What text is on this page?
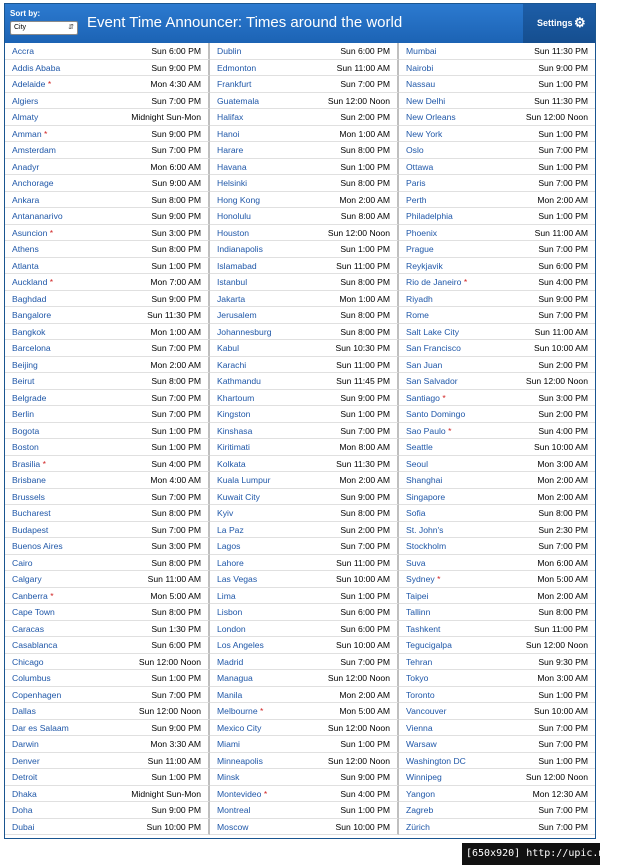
Sort by:
City	⇵ Event Time Announcer: Times around the world	Settings ⚙
Accra	Sun 6:00 PM Dublin	Sun 6:00 PM Mumbai	Sun 11:30 PM
Addis Ababa	Sun 9:00 PM Edmonton	Sun 11:00 AM Nairobi	Sun 9:00 PM
Adelaide *	Mon 4:30 AM Frankfurt	Sun 7:00 PM Nassau	Sun 1:00 PM
Algiers	Sun 7:00 PM Guatemala	Sun 12:00 Noon New Delhi	Sun 11:30 PM
Almaty	Midnight Sun-Mon Halifax	Sun 2:00 PM New Orleans	Sun 12:00 Noon
Amman *	Sun 9:00 PM Hanoi	Mon 1:00 AM New York	Sun 1:00 PM
Amsterdam	Sun 7:00 PM Harare	Sun 8:00 PM Oslo	Sun 7:00 PM
Anadyr	Mon 6:00 AM Havana	Sun 1:00 PM Ottawa	Sun 1:00 PM
Anchorage	Sun 9:00 AM Helsinki	Sun 8:00 PM Paris	Sun 7:00 PM
Ankara	Sun 8:00 PM Hong Kong	Mon 2:00 AM Perth	Mon 2:00 AM
Antananarivo	Sun 9:00 PM Honolulu	Sun 8:00 AM Philadelphia	Sun 1:00 PM
Asuncion *	Sun 3:00 PM Houston	Sun 12:00 Noon Phoenix	Sun 11:00 AM
Athens	Sun 8:00 PM Indianapolis	Sun 1:00 PM Prague	Sun 7:00 PM
Atlanta	Sun 1:00 PM Islamabad	Sun 11:00 PM Reykjavik	Sun 6:00 PM
Auckland *	Mon 7:00 AM Istanbul	Sun 8:00 PM Rio de Janeiro *	Sun 4:00 PM
Baghdad	Sun 9:00 PM Jakarta	Mon 1:00 AM Riyadh	Sun 9:00 PM
Bangalore	Sun 11:30 PM Jerusalem	Sun 8:00 PM Rome	Sun 7:00 PM
Bangkok	Mon 1:00 AM Johannesburg	Sun 8:00 PM Salt Lake City	Sun 11:00 AM
Barcelona	Sun 7:00 PM Kabul	Sun 10:30 PM San Francisco	Sun 10:00 AM
Beijing	Mon 2:00 AM Karachi	Sun 11:00 PM San Juan	Sun 2:00 PM
Beirut	Sun 8:00 PM Kathmandu	Sun 11:45 PM San Salvador	Sun 12:00 Noon
Belgrade	Sun 7:00 PM Khartoum	Sun 9:00 PM Santiago *	Sun 3:00 PM
Berlin	Sun 7:00 PM Kingston	Sun 1:00 PM Santo Domingo	Sun 2:00 PM
Bogota	Sun 1:00 PM Kinshasa	Sun 7:00 PM Sao Paulo *	Sun 4:00 PM
Boston	Sun 1:00 PM Kiritimati	Mon 8:00 AM Seattle	Sun 10:00 AM
Brasilia *	Sun 4:00 PM Kolkata	Sun 11:30 PM Seoul	Mon 3:00 AM
Brisbane	Mon 4:00 AM Kuala Lumpur	Mon 2:00 AM Shanghai	Mon 2:00 AM
Brussels	Sun 7:00 PM Kuwait City	Sun 9:00 PM Singapore	Mon 2:00 AM
Bucharest	Sun 8:00 PM Kyiv	Sun 8:00 PM Sofia	Sun 8:00 PM
Budapest	Sun 7:00 PM La Paz	Sun 2:00 PM St. John's	Sun 2:30 PM
Buenos Aires	Sun 3:00 PM Lagos	Sun 7:00 PM Stockholm	Sun 7:00 PM
Cairo	Sun 8:00 PM Lahore	Sun 11:00 PM Suva	Mon 6:00 AM
Calgary	Sun 11:00 AM Las Vegas	Sun 10:00 AM Sydney *	Mon 5:00 AM
Canberra *	Mon 5:00 AM Lima	Sun 1:00 PM Taipei	Mon 2:00 AM
Cape Town	Sun 8:00 PM Lisbon	Sun 6:00 PM Tallinn	Sun 8:00 PM
Caracas	Sun 1:30 PM London	Sun 6:00 PM Tashkent	Sun 11:00 PM
Casablanca	Sun 6:00 PM Los Angeles	Sun 10:00 AM Tegucigalpa	Sun 12:00 Noon
Chicago	Sun 12:00 Noon Madrid	Sun 7:00 PM Tehran	Sun 9:30 PM
Columbus	Sun 1:00 PM Managua	Sun 12:00 Noon Tokyo	Mon 3:00 AM
Copenhagen	Sun 7:00 PM Manila	Mon 2:00 AM Toronto	Sun 1:00 PM
Dallas	Sun 12:00 Noon Melbourne *	Mon 5:00 AM Vancouver	Sun 10:00 AM
Dar es Salaam	Sun 9:00 PM Mexico City	Sun 12:00 Noon Vienna	Sun 7:00 PM
Darwin	Mon 3:30 AM Miami	Sun 1:00 PM Warsaw	Sun 7:00 PM
Denver	Sun 11:00 AM Minneapolis	Sun 12:00 Noon Washington DC	Sun 1:00 PM
Detroit	Sun 1:00 PM Minsk	Sun 9:00 PM Winnipeg	Sun 12:00 Noon
Dhaka	Midnight Sun-Mon Montevideo *	Sun 4:00 PM Yangon	Mon 12:30 AM
Doha	Sun 9:00 PM Montreal	Sun 1:00 PM Zagreb	Sun 7:00 PM
Dubai	Sun 10:00 PM Moscow	Sun 10:00 PM Zürich	Sun 7:00 PM
[650x920] http://upic.me/
